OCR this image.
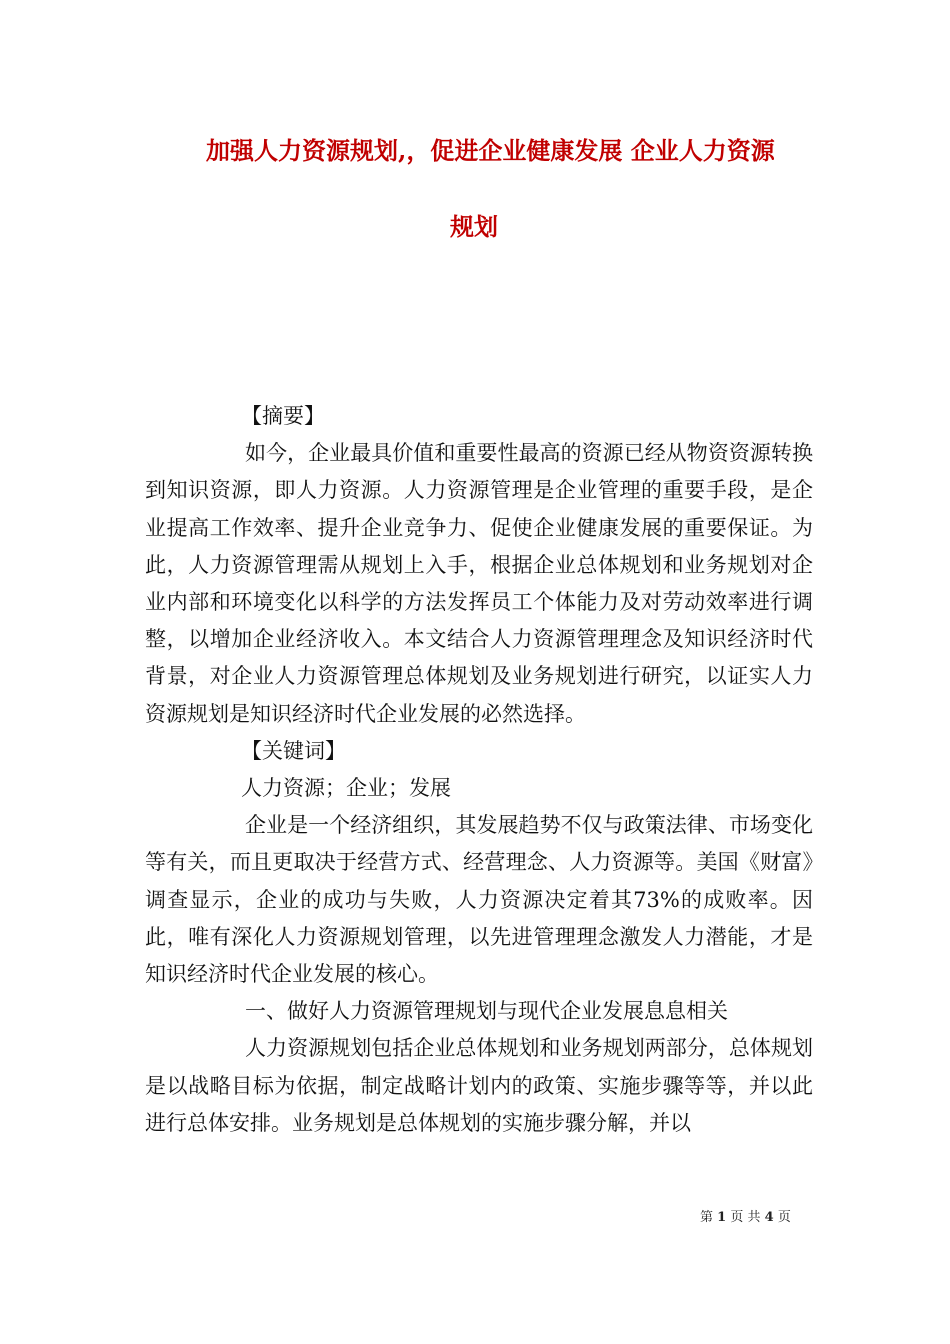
加强人力资源规划,，促进企业健康发展 企业人力资源
规划

【摘要】

如今，企业最具价值和重要性最高的资源已经从物资资源转换到知识资源，即人力资源。人力资源管理是企业管理的重要手段，是企业提高工作效率、提升企业竞争力、促使企业健康发展的重要保证。为此，人力资源管理需从规划上入手，根据企业总体规划和业务规划对企业内部和环境变化以科学的方法发挥员工个体能力及对劳动效率进行调整，以增加企业经济收入。本文结合人力资源管理理念及知识经济时代背景，对企业人力资源管理总体规划及业务规划进行研究，以证实人力资源规划是知识经济时代企业发展的必然选择。

【关键词】

人力资源；企业；发展

企业是一个经济组织，其发展趋势不仅与政策法律、市场变化等有关，而且更取决于经营方式、经营理念、人力资源等。美国《财富》调查显示，企业的成功与失败，人力资源决定着其73%的成败率。因此，唯有深化人力资源规划管理，以先进管理理念激发人力潜能，才是知识经济时代企业发展的核心。

一、做好人力资源管理规划与现代企业发展息息相关

人力资源规划包括企业总体规划和业务规划两部分，总体规划是以战略目标为依据，制定战略计划内的政策、实施步骤等等，并以此进行总体安排。业务规划是总体规划的实施步骤分解，并以

第 1 页 共 4 页
